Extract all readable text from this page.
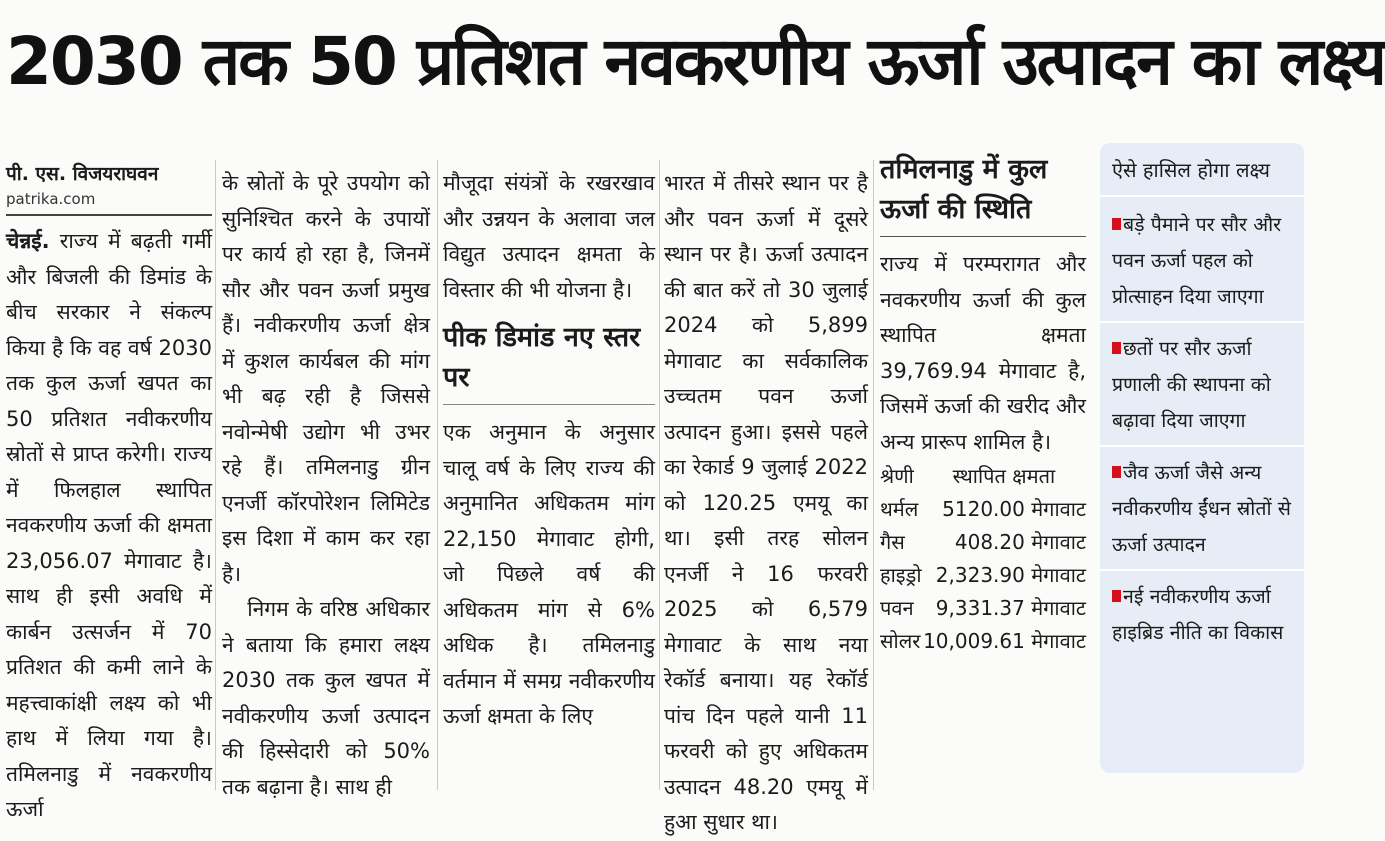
2030 तक 50 प्रतिशत नवकरणीय ऊर्जा उत्पादन का लक्ष्य
पी. एस. विजयराघवन
patrika.com

चेन्नई. राज्य में बढ़ती गर्मी और बिजली की डिमांड के बीच सरकार ने संकल्प किया है कि वह वर्ष 2030 तक कुल ऊर्जा खपत का 50 प्रतिशत नवीकरणीय स्रोतों से प्राप्त करेगी। राज्य में फिलहाल स्थापित नवकरणीय ऊर्जा की क्षमता 23,056.07 मेगावाट है। साथ ही इसी अवधि में कार्बन उत्सर्जन में 70 प्रतिशत की कमी लाने के महत्त्वाकांक्षी लक्ष्य को भी हाथ में लिया गया है। तमिलनाडु में नवकरणीय ऊर्जा

के स्रोतों के पूरे उपयोग को सुनिश्चित करने के उपायों पर कार्य हो रहा है, जिनमें सौर और पवन ऊर्जा प्रमुख हैं। नवीकरणीय ऊर्जा क्षेत्र में कुशल कार्यबल की मांग भी बढ़ रही है जिससे नवोन्मेषी उद्योग भी उभर रहे हैं। तमिलनाडु ग्रीन एनर्जी कॉरपोरेशन लिमिटेड इस दिशा में काम कर रहा है।

निगम के वरिष्ठ अधिकार ने बताया कि हमारा लक्ष्य 2030 तक कुल खपत में नवीकरणीय ऊर्जा उत्पादन की हिस्सेदारी को 50% तक बढ़ाना है। साथ ही

मौजूदा संयंत्रों के रखरखाव और उन्नयन के अलावा जल विद्युत उत्पादन क्षमता के विस्तार की भी योजना है।

पीक डिमांड नए स्तर पर

एक अनुमान के अनुसार चालू वर्ष के लिए राज्य की अनुमानित अधिकतम मांग 22,150 मेगावाट होगी, जो पिछले वर्ष की अधिकतम मांग से 6% अधिक है। तमिलनाडु वर्तमान में समग्र नवीकरणीय ऊर्जा क्षमता के लिए

भारत में तीसरे स्थान पर है और पवन ऊर्जा में दूसरे स्थान पर है। ऊर्जा उत्पादन की बात करें तो 30 जुलाई 2024 को 5,899 मेगावाट का सर्वकालिक उच्चतम पवन ऊर्जा उत्पादन हुआ। इससे पहले का रेकार्ड 9 जुलाई 2022 को 120.25 एमयू का था। इसी तरह सोलन एनर्जी ने 16 फरवरी 2025 को 6,579 मेगावाट के साथ नया रेकॉर्ड बनाया। यह रेकॉर्ड पांच दिन पहले यानी 11 फरवरी को हुए अधिकतम उत्पादन 48.20 एमयू में हुआ सुधार था।

तमिलनाडु में कुल ऊर्जा की स्थिति

राज्य में परम्परागत और नवकरणीय ऊर्जा की कुल स्थापित क्षमता 39,769.94 मेगावाट है, जिसमें ऊर्जा की खरीद और अन्य प्रारूप शामिल है।

श्रेणी	स्थापित क्षमता
थर्मल	5120.00 मेगावाट
गैस	408.20 मेगावाट
हाइड्रो	2,323.90 मेगावाट
पवन	9,331.37 मेगावाट
सोलर	10,009.61 मेगावाट
ऐसे हासिल होगा लक्ष्य
बड़े पैमाने पर सौर और पवन ऊर्जा पहल को प्रोत्साहन दिया जाएगा
छतों पर सौर ऊर्जा प्रणाली की स्थापना को बढ़ावा दिया जाएगा
जैव ऊर्जा जैसे अन्य नवीकरणीय ईंधन स्रोतों से ऊर्जा उत्पादन
नई नवीकरणीय ऊर्जा हाइब्रिड नीति का विकास
